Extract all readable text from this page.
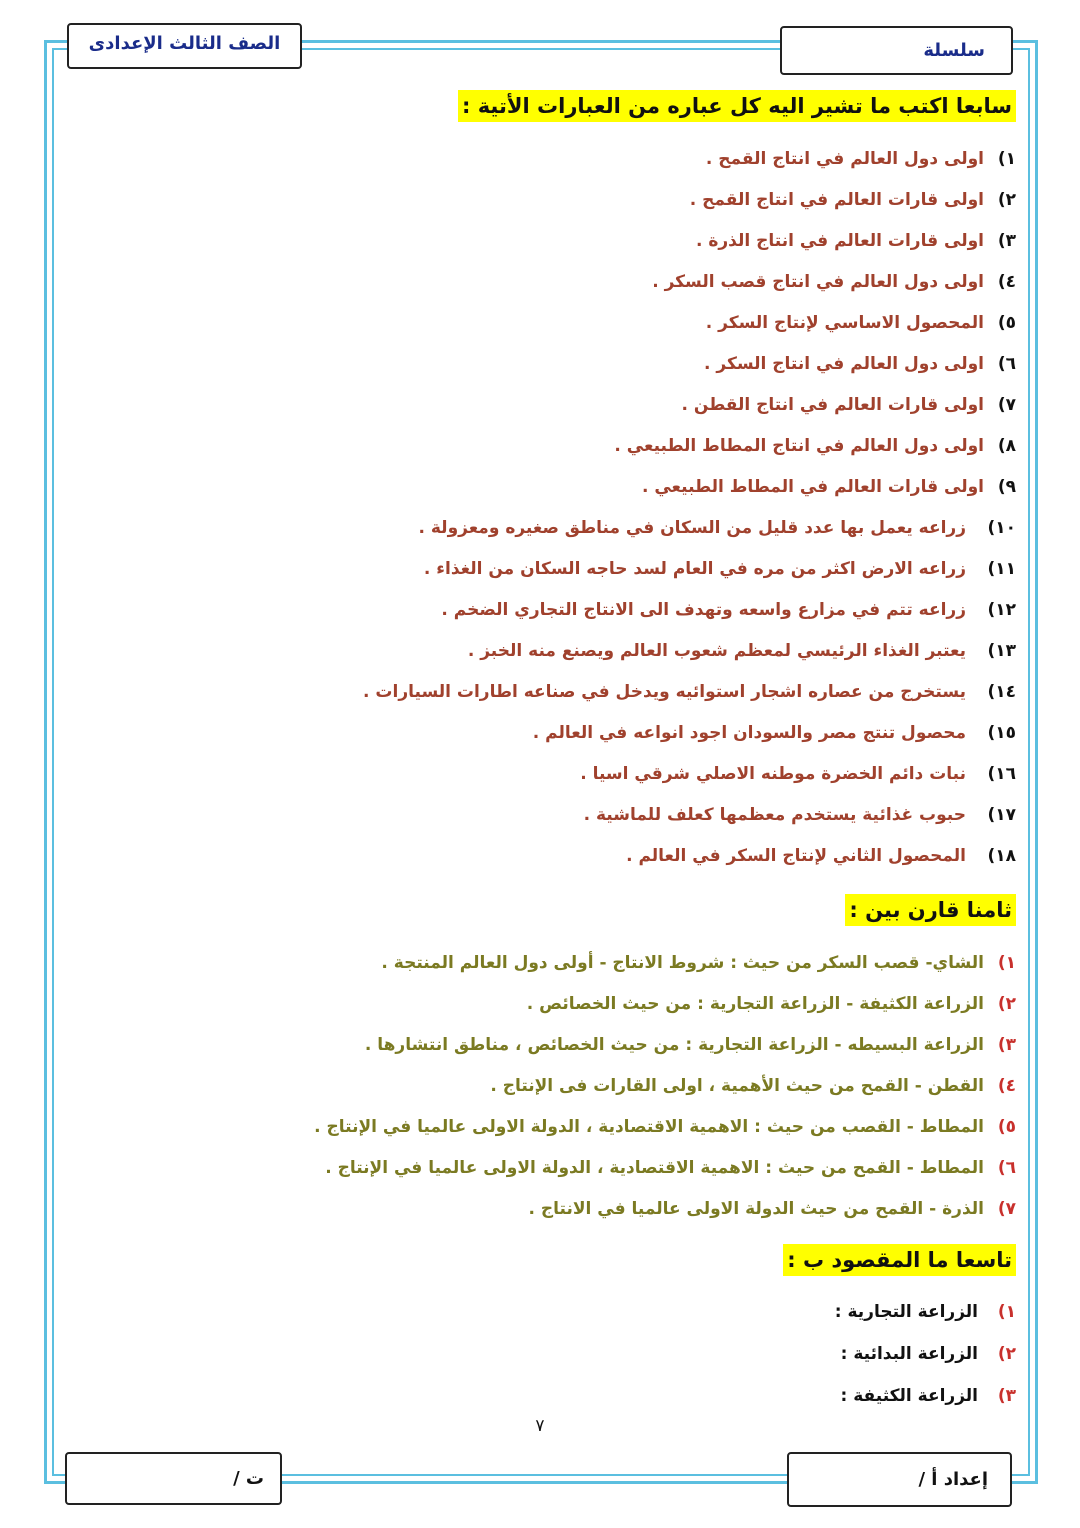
الصف الثالث الإعدادى	سلسلة
سابعا اكتب ما تشير اليه كل عباره من العبارات الأتية :
١)
اولى دول العالم في انتاج القمح .
٢)
اولى قارات العالم في انتاج القمح .
٣)
اولى قارات العالم في انتاج الذرة .
٤)
اولى دول العالم في انتاج قصب السكر .
٥)
المحصول الاساسي لإنتاج السكر .
٦)
اولى دول العالم في انتاج السكر .
٧)
اولى قارات العالم في انتاج القطن .
٨)
اولى دول العالم في انتاج المطاط الطبيعي .
٩)
اولى قارات العالم في المطاط الطبيعي .
١٠)
زراعه يعمل بها عدد قليل من السكان في مناطق صغيره ومعزولة .
١١)
زراعه الارض اكثر من مره في العام لسد حاجه السكان من الغذاء .
١٢)
زراعه تتم في مزارع واسعه وتهدف الى الانتاج التجاري الضخم .
١٣)
يعتبر الغذاء الرئيسي لمعظم شعوب العالم ويصنع منه الخبز .
١٤)
يستخرج من عصاره اشجار استوائيه ويدخل في صناعه اطارات السيارات .
١٥)
محصول تنتج مصر والسودان اجود انواعه في العالم .
١٦)
نبات دائم الخضرة موطنه الاصلي شرقي اسيا .
١٧)
حبوب غذائية يستخدم معظمها كعلف للماشية .
١٨)
المحصول الثاني لإنتاج السكر في العالم .
ثامنا قارن بين :
١)
الشاي- قصب السكر من حيث : شروط الانتاج - أولى دول العالم المنتجة .
٢)
الزراعة الكثيفة - الزراعة التجارية : من حيث الخصائص .
٣)
الزراعة البسيطه - الزراعة التجارية : من حيث الخصائص ، مناطق انتشارها .
٤)
القطن - القمح من حيث الأهمية ، اولى القارات فى الإنتاج .
٥)
المطاط - القصب من حيث : الاهمية الاقتصادية ، الدولة الاولى عالميا في الإنتاج .
٦)
المطاط - القمح من حيث : الاهمية الاقتصادية ، الدولة الاولى عالميا في الإنتاج .
٧)
الذرة - القمح من حيث الدولة الاولى عالميا في الانتاج .
تاسعا ما المقصود ب :
١)
الزراعة التجارية :
٢)
الزراعة البدائية :
٣)
الزراعة الكثيفة :
٧
ت /	إعداد أ /
